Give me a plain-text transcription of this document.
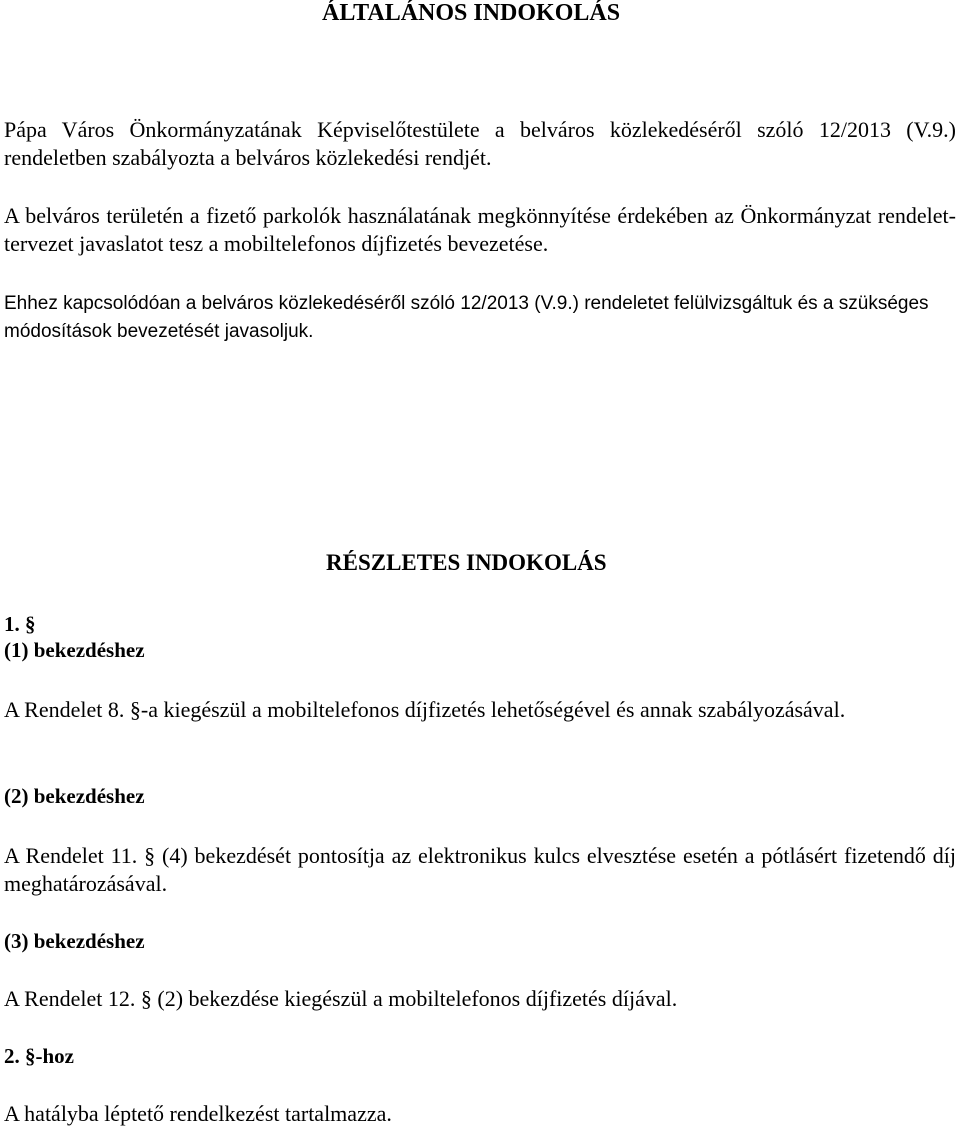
ÁLTALÁNOS INDOKOLÁS

Pápa Város Önkormányzatának Képviselőtestülete a belváros közlekedéséről szóló 12/2013 (V.9.) rendeletben szabályozta a belváros közlekedési rendjét.

A belváros területén a fizető parkolók használatának megkönnyítése érdekében az Önkormányzat rendelet-tervezet javaslatot tesz a mobiltelefonos díjfizetés bevezetése.

Ehhez kapcsolódóan a belváros közlekedéséről szóló 12/2013 (V.9.) rendeletet felülvizsgáltuk és a szükséges módosítások bevezetését javasoljuk.

RÉSZLETES INDOKOLÁS
1. §
(1) bekezdéshez

A Rendelet 8. §-a kiegészül a mobiltelefonos díjfizetés lehetőségével és annak szabályozásával.

(2) bekezdéshez

A Rendelet 11. § (4) bekezdését pontosítja az elektronikus kulcs elvesztése esetén a pótlásért fizetendő díj meghatározásával.

(3) bekezdéshez

A Rendelet 12. § (2) bekezdése kiegészül a mobiltelefonos díjfizetés díjával.

2. §-hoz

A hatályba léptető rendelkezést tartalmazza.
